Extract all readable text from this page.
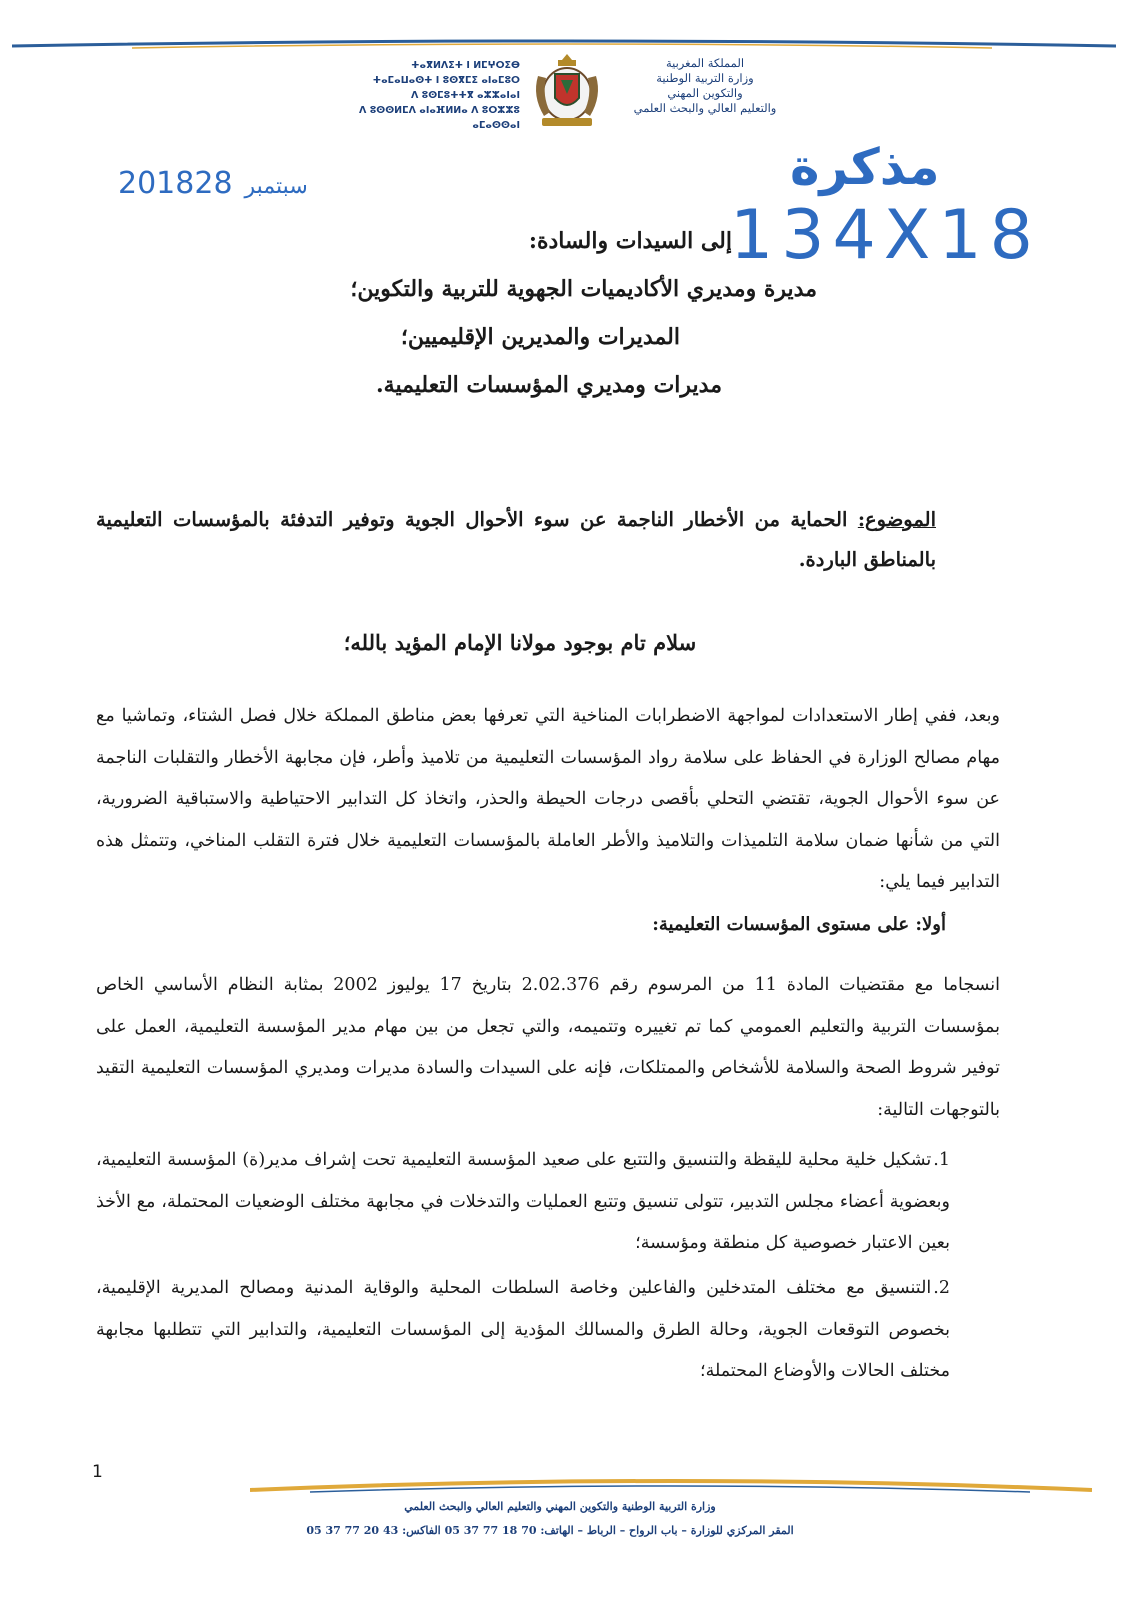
ⵜⴰⴳⵍⴷⵉⵜ ⵏ ⵍⵎⵖⵔⵉⴱ
ⵜⴰⵎⴰⵡⴰⵙⵜ ⵏ ⵓⵙⴳⵎⵉ ⴰⵏⴰⵎⵓⵔ
ⴷ ⵓⵙⵎⵓⵜⵜⴳ ⴰⵣⵣⴰⵏⴰⵏ
ⴷ ⵓⵙⵙⵍⵎⴷ ⴰⵏⴰⴼⵍⵍⴰ ⴷ ⵓⵔⵣⵣⵓ ⴰⵎⴰⵙⵙⴰⵏ
المملكة المغربية
وزارة التربية الوطنية
والتكوين المهني
والتعليم العالي والبحث العلمي
2018 سبتمبر28	مذكرة
134X18
إلى السيدات والسادة:
مديرة ومديري الأكاديميات الجهوية للتربية والتكوين؛
المديرات والمديرين الإقليميين؛
مديرات ومديري المؤسسات التعليمية.
الموضوع: الحماية من الأخطار الناجمة عن سوء الأحوال الجوية وتوفير التدفئة بالمؤسسات التعليمية بالمناطق الباردة.
سلام تام بوجود مولانا الإمام المؤيد بالله؛
وبعد، ففي إطار الاستعدادات لمواجهة الاضطرابات المناخية التي تعرفها بعض مناطق المملكة خلال فصل الشتاء، وتماشيا مع مهام مصالح الوزارة في الحفاظ على سلامة رواد المؤسسات التعليمية من تلاميذ وأطر، فإن مجابهة الأخطار والتقلبات الناجمة عن سوء الأحوال الجوية، تقتضي التحلي بأقصى درجات الحيطة والحذر، واتخاذ كل التدابير الاحتياطية والاستباقية الضرورية، التي من شأنها ضمان سلامة التلميذات والتلاميذ والأطر العاملة بالمؤسسات التعليمية خلال فترة التقلب المناخي، وتتمثل هذه التدابير فيما يلي:
أولا: على مستوى المؤسسات التعليمية:
انسجاما مع مقتضيات المادة 11 من المرسوم رقم 2.02.376 بتاريخ 17 يوليوز 2002 بمثابة النظام الأساسي الخاص بمؤسسات التربية والتعليم العمومي كما تم تغييره وتتميمه، والتي تجعل من بين مهام مدير المؤسسة التعليمية، العمل على توفير شروط الصحة والسلامة للأشخاص والممتلكات، فإنه على السيدات والسادة مديرات ومديري المؤسسات التعليمية التقيد بالتوجهات التالية:
1.تشكيل خلية محلية لليقظة والتنسيق والتتبع على صعيد المؤسسة التعليمية تحت إشراف مدير(ة) المؤسسة التعليمية، وبعضوية أعضاء مجلس التدبير، تتولى تنسيق وتتبع العمليات والتدخلات في مجابهة مختلف الوضعيات المحتملة، مع الأخذ بعين الاعتبار خصوصية كل منطقة ومؤسسة؛
2.التنسيق مع مختلف المتدخلين والفاعلين وخاصة السلطات المحلية والوقاية المدنية ومصالح المديرية الإقليمية، بخصوص التوقعات الجوية، وحالة الطرق والمسالك المؤدية إلى المؤسسات التعليمية، والتدابير التي تتطلبها مجابهة مختلف الحالات والأوضاع المحتملة؛
1
وزارة التربية الوطنية والتكوين المهني والتعليم العالي والبحث العلمي
المقر المركزي للوزارة – باب الرواح – الرباط – الهاتف: 70 18 77 37 05 الفاكس: 43 20 77 37 05
